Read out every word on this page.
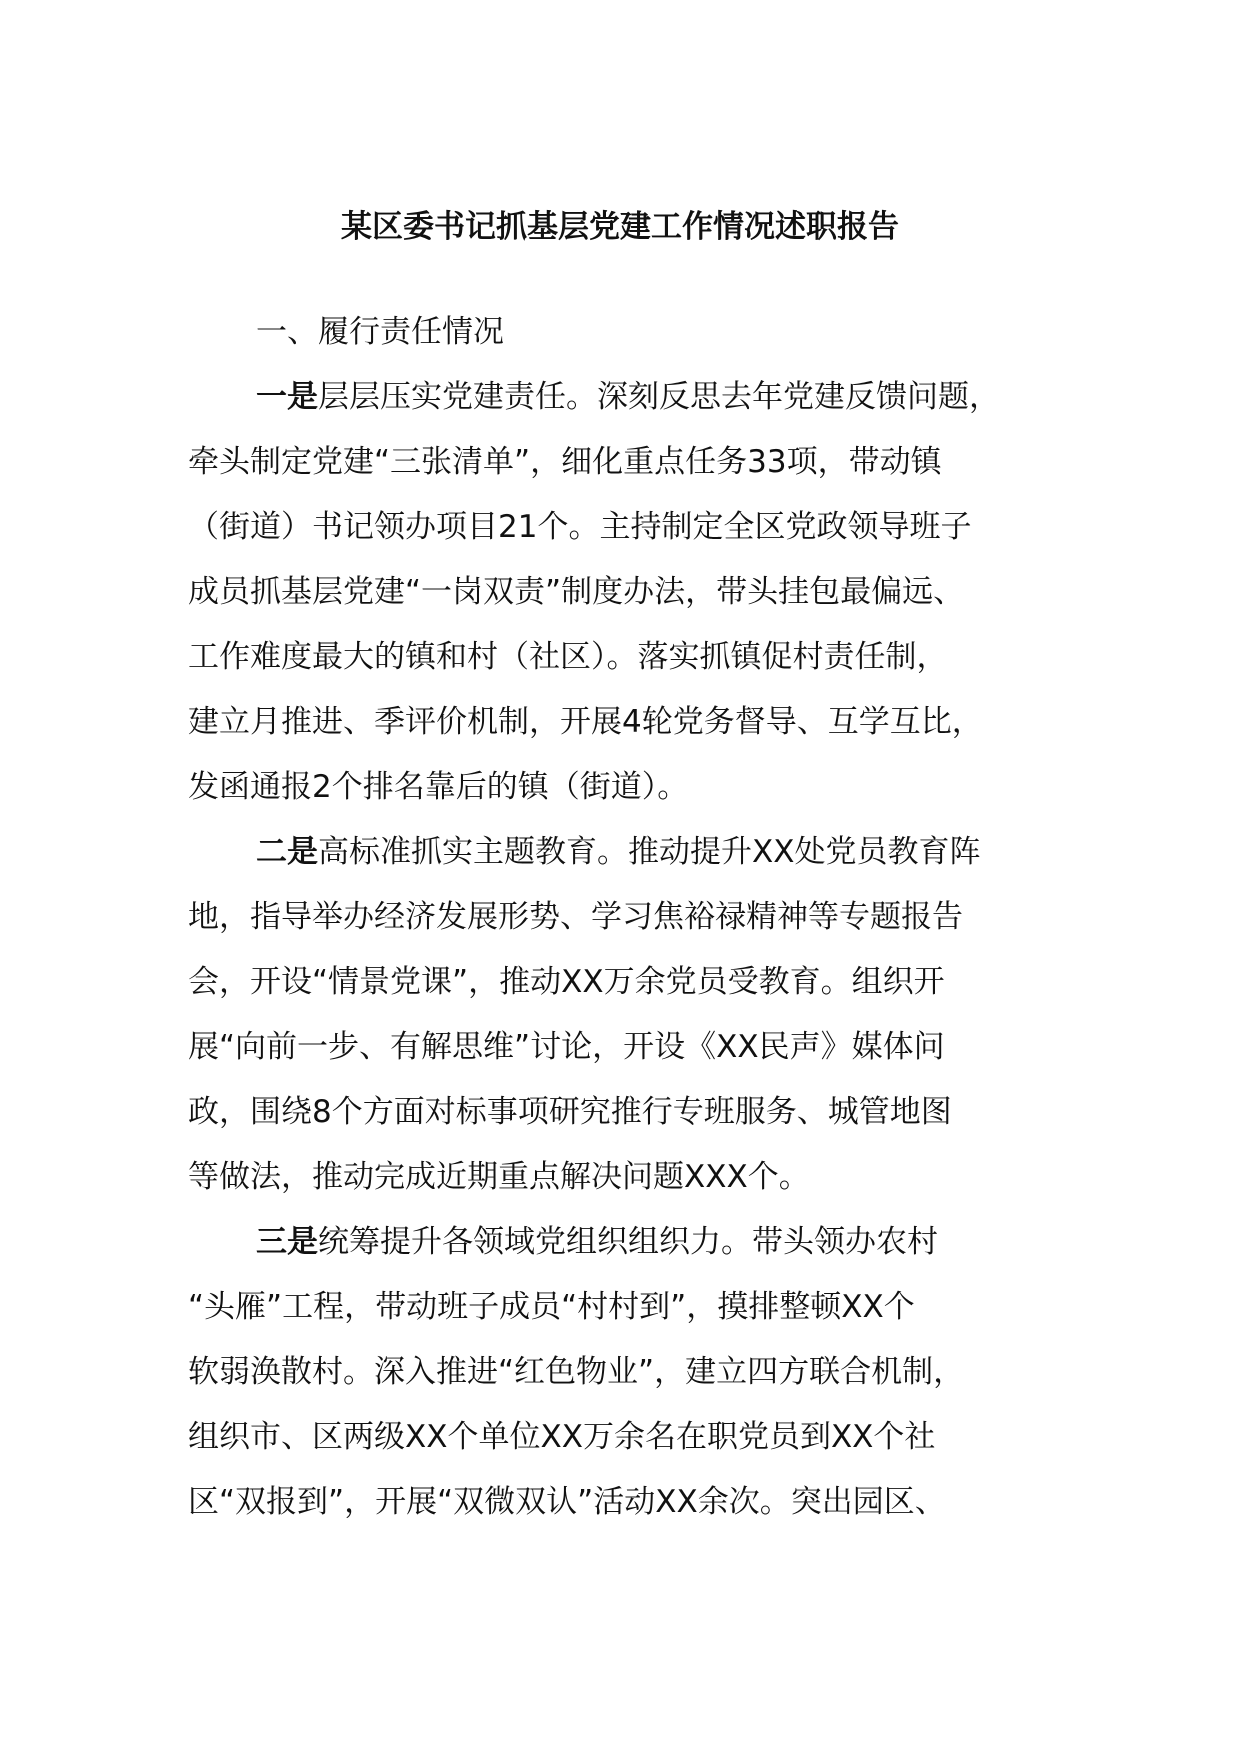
某区委书记抓基层党建工作情况述职报告
一、履行责任情况
一是层层压实党建责任。深刻反思去年党建反馈问题，
牵头制定党建“三张清单”，细化重点任务33项，带动镇
（街道）书记领办项目21个。主持制定全区党政领导班子
成员抓基层党建“一岗双责”制度办法，带头挂包最偏远、
工作难度最大的镇和村（社区）。落实抓镇促村责任制，
建立月推进、季评价机制，开展4轮党务督导、互学互比，
发函通报2个排名靠后的镇（街道）。
二是高标准抓实主题教育。推动提升XX处党员教育阵
地，指导举办经济发展形势、学习焦裕禄精神等专题报告
会，开设“情景党课”，推动XX万余党员受教育。组织开
展“向前一步、有解思维”讨论，开设《XX民声》媒体问
政，围绕8个方面对标事项研究推行专班服务、城管地图
等做法，推动完成近期重点解决问题XXX个。
三是统筹提升各领域党组织组织力。带头领办农村
“头雁”工程，带动班子成员“村村到”，摸排整顿XX个
软弱涣散村。深入推进“红色物业”，建立四方联合机制，
组织市、区两级XX个单位XX万余名在职党员到XX个社
区“双报到”，开展“双微双认”活动XX余次。突出园区、
